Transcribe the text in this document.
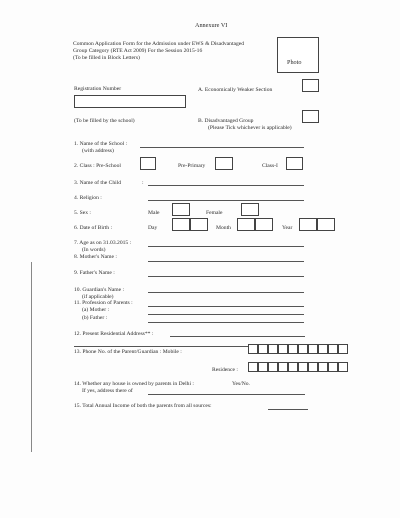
Annexure VI
Common Application Form for the Admission under EWS & Disadvantaged
Group Category (RTE Act 2009) For the Session 2015-16
(To be filled in Block Letters)
Photo
Registration Number
(To be filled by the school)
A. Economically Weaker Section
B. Disadvantaged Group
(Please Tick whichever is applicable)
1. Name of the School :
(with address)
2. Class : Pre-School	Pre-Primary	Class-I
3. Name of the Child	:
4. Religion :
5. Sex :	Male	Female
6. Date of Birth :	Day	Month	Year
7. Age as on 31.03.2015 :
(In words)
8. Mother's Name :
9. Father's Name :
10. Guardian's Name :
(if applicable)
11. Profession of Parents :
(a) Mother :
(b) Father :
12. Present Residential Address** :
13. Phone No. of the Parent/Guardian : Mobile :
Residence :
14. Whether any house is owned by parents in Delhi :	Yes/No.
If yes, address there of
15. Total Annual Income of both the parents from all sources:
